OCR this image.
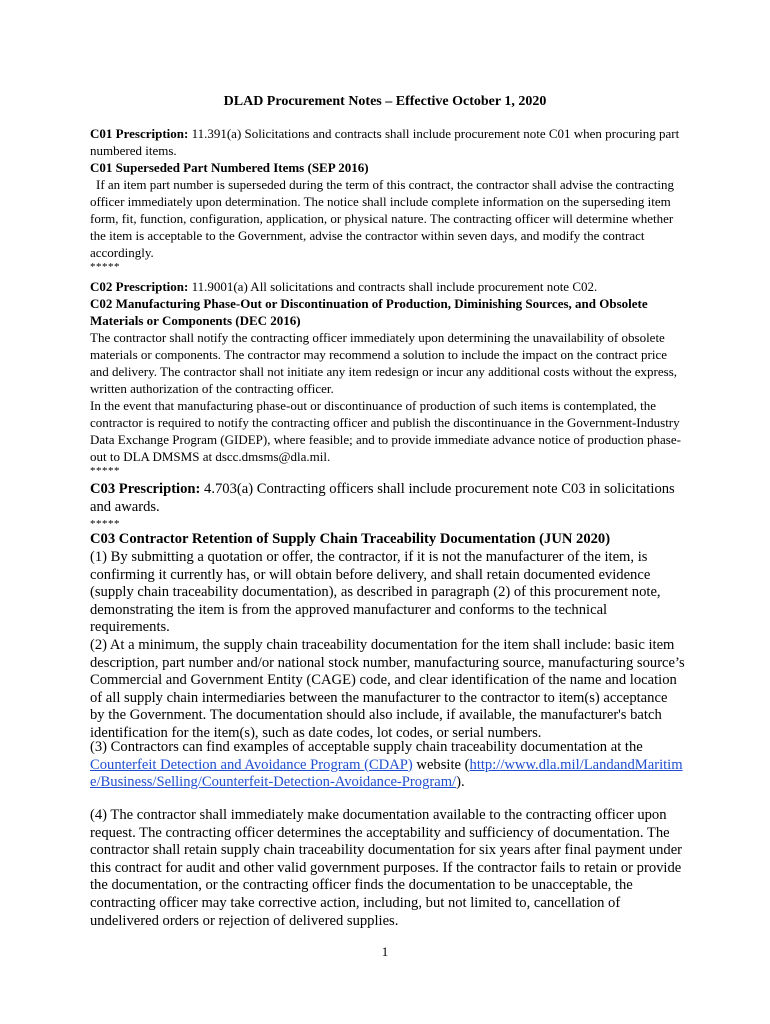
DLAD Procurement Notes – Effective October 1, 2020
C01 Prescription: 11.391(a) Solicitations and contracts shall include procurement note C01 when procuring part numbered items.
C01 Superseded Part Numbered Items (SEP 2016)
If an item part number is superseded during the term of this contract, the contractor shall advise the contracting officer immediately upon determination. The notice shall include complete information on the superseding item form, fit, function, configuration, application, or physical nature. The contracting officer will determine whether the item is acceptable to the Government, advise the contractor within seven days, and modify the contract accordingly.
*****
C02 Prescription: 11.9001(a) All solicitations and contracts shall include procurement note C02.
C02 Manufacturing Phase-Out or Discontinuation of Production, Diminishing Sources, and Obsolete Materials or Components (DEC 2016)
The contractor shall notify the contracting officer immediately upon determining the unavailability of obsolete materials or components. The contractor may recommend a solution to include the impact on the contract price and delivery. The contractor shall not initiate any item redesign or incur any additional costs without the express, written authorization of the contracting officer.
In the event that manufacturing phase-out or discontinuance of production of such items is contemplated, the contractor is required to notify the contracting officer and publish the discontinuance in the Government-Industry Data Exchange Program (GIDEP), where feasible; and to provide immediate advance notice of production phase-out to DLA DMSMS at dscc.dmsms@dla.mil.
*****
C03 Prescription: 4.703(a) Contracting officers shall include procurement note C03 in solicitations and awards.
*****
C03 Contractor Retention of Supply Chain Traceability Documentation (JUN 2020)
(1) By submitting a quotation or offer, the contractor, if it is not the manufacturer of the item, is confirming it currently has, or will obtain before delivery, and shall retain documented evidence (supply chain traceability documentation), as described in paragraph (2) of this procurement note, demonstrating the item is from the approved manufacturer and conforms to the technical requirements.
(2) At a minimum, the supply chain traceability documentation for the item shall include: basic item description, part number and/or national stock number, manufacturing source, manufacturing source’s Commercial and Government Entity (CAGE) code, and clear identification of the name and location of all supply chain intermediaries between the manufacturer to the contractor to item(s) acceptance by the Government. The documentation should also include, if available, the manufacturer's batch identification for the item(s), such as date codes, lot codes, or serial numbers.
(3) Contractors can find examples of acceptable supply chain traceability documentation at the Counterfeit Detection and Avoidance Program (CDAP) website (http://www.dla.mil/LandandMaritime/Business/Selling/Counterfeit-Detection-Avoidance-Program/).
(4) The contractor shall immediately make documentation available to the contracting officer upon request. The contracting officer determines the acceptability and sufficiency of documentation. The contractor shall retain supply chain traceability documentation for six years after final payment under this contract for audit and other valid government purposes. If the contractor fails to retain or provide the documentation, or the contracting officer finds the documentation to be unacceptable, the contracting officer may take corrective action, including, but not limited to, cancellation of undelivered orders or rejection of delivered supplies.
1
